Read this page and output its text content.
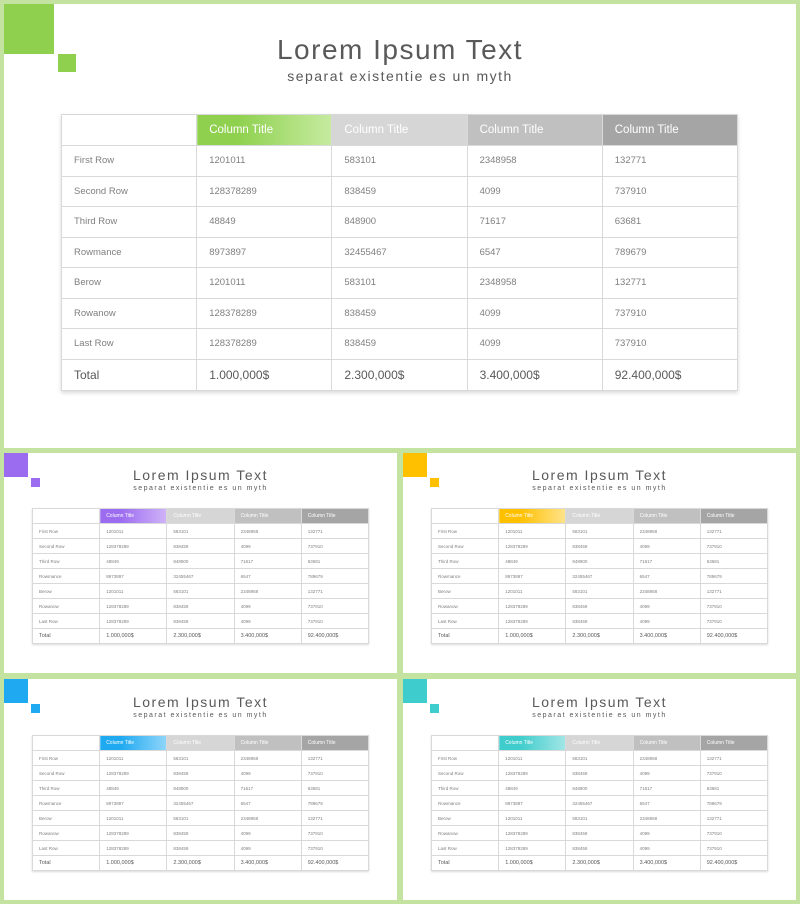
Lorem Ipsum Text
separat existentie es un myth
	Column Title	Column Title	Column Title	Column Title
First Row	1201011	583101	2348958	132771
Second Row	128378289	838459	4099	737910
Third Row	48849	848900	71617	63681
Rowmance	8973897	32455467	6547	789679
Berow	1201011	583101	2348958	132771
Rowanow	128378289	838459	4099	737910
Last Row	128378289	838459	4099	737910
Total	1.000,000$	2.300,000$	3.400,000$	92.400,000$
Lorem Ipsum Text
separat existentie es un myth
	Column Title	Column Title	Column Title	Column Title
First Row	1201011	583101	2348958	132771
Second Row	128378289	838459	4099	737910
Third Row	48849	848900	71617	63681
Rowmance	8973897	32455467	6547	789679
Berow	1201011	583101	2348958	132771
Rowanow	128378289	838459	4099	737910
Last Row	128378289	838459	4099	737910
Total	1.000,000$	2.300,000$	3.400,000$	92.400,000$
Lorem Ipsum Text
separat existentie es un myth
	Column Title	Column Title	Column Title	Column Title
First Row	1201011	583101	2348958	132771
Second Row	128378289	838459	4099	737910
Third Row	48849	848900	71617	63681
Rowmance	8973897	32455467	6547	789679
Berow	1201011	583101	2348958	132771
Rowanow	128378289	838459	4099	737910
Last Row	128378289	838459	4099	737910
Total	1.000,000$	2.300,000$	3.400,000$	92.400,000$
Lorem Ipsum Text
separat existentie es un myth
	Column Title	Column Title	Column Title	Column Title
First Row	1201011	583101	2348958	132771
Second Row	128378289	838459	4099	737910
Third Row	48849	848900	71617	63681
Rowmance	8973897	32455467	6547	789679
Berow	1201011	583101	2348958	132771
Rowanow	128378289	838459	4099	737910
Last Row	128378289	838459	4099	737910
Total	1.000,000$	2.300,000$	3.400,000$	92.400,000$
Lorem Ipsum Text
separat existentie es un myth
	Column Title	Column Title	Column Title	Column Title
First Row	1201011	583101	2348958	132771
Second Row	128378289	838459	4099	737910
Third Row	48849	848900	71617	63681
Rowmance	8973897	32455467	6547	789679
Berow	1201011	583101	2348958	132771
Rowanow	128378289	838459	4099	737910
Last Row	128378289	838459	4099	737910
Total	1.000,000$	2.300,000$	3.400,000$	92.400,000$
